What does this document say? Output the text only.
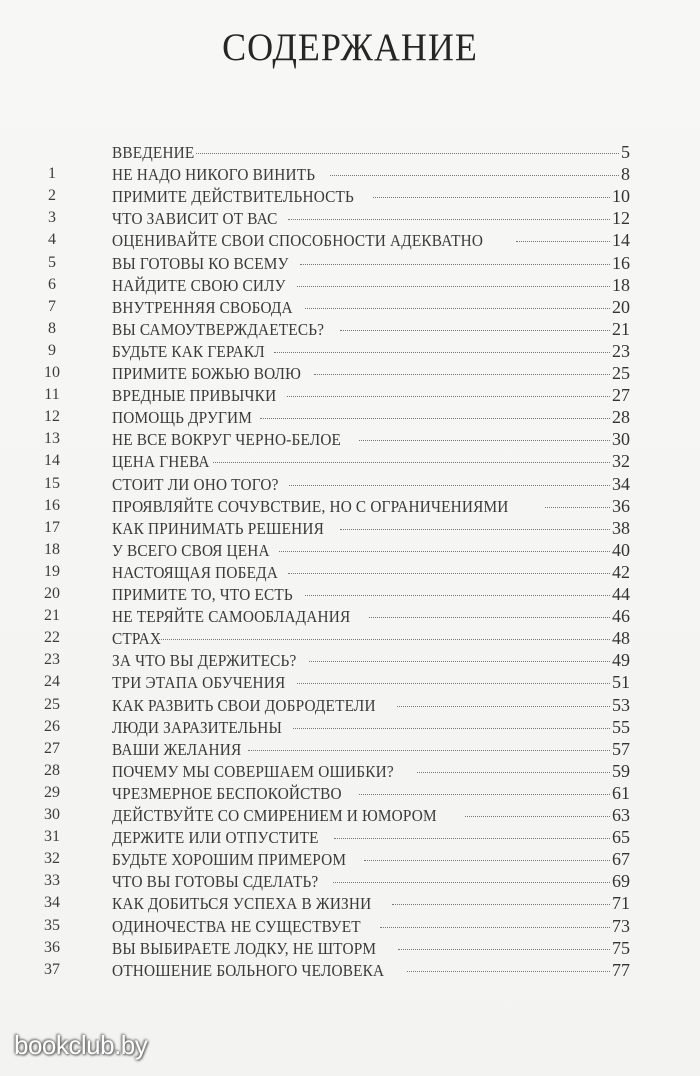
СОДЕРЖАНИЕ
ВВЕДЕНИЕ	5
1	НЕ НАДО НИКОГО ВИНИТЬ	8
2	ПРИМИТЕ ДЕЙСТВИТЕЛЬНОСТЬ	10
3	ЧТО ЗАВИСИТ ОТ ВАС	12
4	ОЦЕНИВАЙТЕ СВОИ СПОСОБНОСТИ АДЕКВАТНО	14
5	ВЫ ГОТОВЫ КО ВСЕМУ	16
6	НАЙДИТЕ СВОЮ СИЛУ	18
7	ВНУТРЕННЯЯ СВОБОДА	20
8	ВЫ САМОУТВЕРЖДАЕТЕСЬ?	21
9	БУДЬТЕ КАК ГЕРАКЛ	23
10	ПРИМИТЕ БОЖЬЮ ВОЛЮ	25
11	ВРЕДНЫЕ ПРИВЫЧКИ	27
12	ПОМОЩЬ ДРУГИМ	28
13	НЕ ВСЕ ВОКРУГ ЧЕРНО-БЕЛОЕ	30
14	ЦЕНА ГНЕВА	32
15	СТОИТ ЛИ ОНО ТОГО?	34
16	ПРОЯВЛЯЙТЕ СОЧУВСТВИЕ, НО С ОГРАНИЧЕНИЯМИ	36
17	КАК ПРИНИМАТЬ РЕШЕНИЯ	38
18	У ВСЕГО СВОЯ ЦЕНА	40
19	НАСТОЯЩАЯ ПОБЕДА	42
20	ПРИМИТЕ ТО, ЧТО ЕСТЬ	44
21	НЕ ТЕРЯЙТЕ САМООБЛАДАНИЯ	46
22	СТРАХ	48
23	ЗА ЧТО ВЫ ДЕРЖИТЕСЬ?	49
24	ТРИ ЭТАПА ОБУЧЕНИЯ	51
25	КАК РАЗВИТЬ СВОИ ДОБРОДЕТЕЛИ	53
26	ЛЮДИ ЗАРАЗИТЕЛЬНЫ	55
27	ВАШИ ЖЕЛАНИЯ	57
28	ПОЧЕМУ МЫ СОВЕРШАЕМ ОШИБКИ?	59
29	ЧРЕЗМЕРНОЕ БЕСПОКОЙСТВО	61
30	ДЕЙСТВУЙТЕ СО СМИРЕНИЕМ И ЮМОРОМ	63
31	ДЕРЖИТЕ ИЛИ ОТПУСТИТЕ	65
32	БУДЬТЕ ХОРОШИМ ПРИМЕРОМ	67
33	ЧТО ВЫ ГОТОВЫ СДЕЛАТЬ?	69
34	КАК ДОБИТЬСЯ УСПЕХА В ЖИЗНИ	71
35	ОДИНОЧЕСТВА НЕ СУЩЕСТВУЕТ	73
36	ВЫ ВЫБИРАЕТЕ ЛОДКУ, НЕ ШТОРМ	75
37	ОТНОШЕНИЕ БОЛЬНОГО ЧЕЛОВЕКА	77
bookclub.by
